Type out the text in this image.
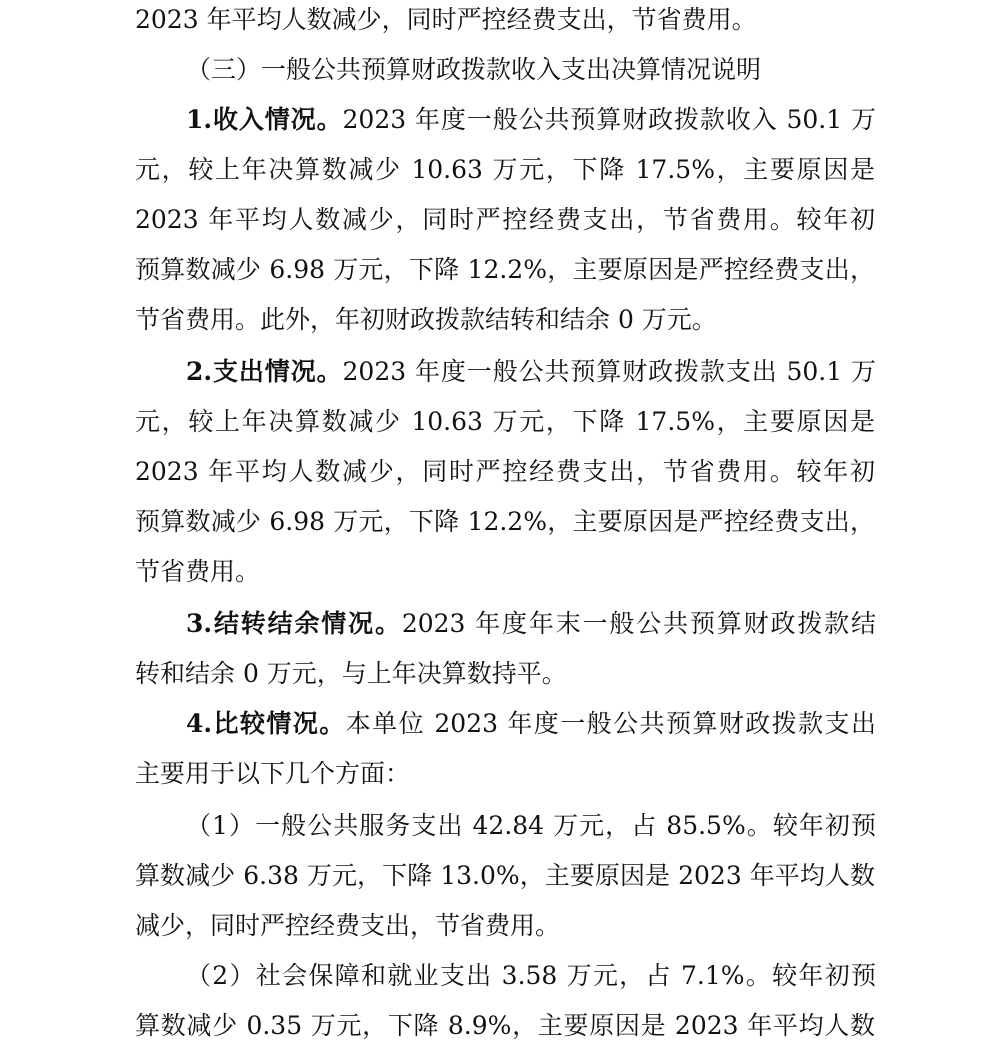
2023 年平均人数减少，同时严控经费支出，节省费用。
（三）一般公共预算财政拨款收入支出决算情况说明
1.收入情况。2023 年度一般公共预算财政拨款收入 50.1 万
元，较上年决算数减少 10.63 万元，下降 17.5%，主要原因是
2023 年平均人数减少，同时严控经费支出，节省费用。较年初
预算数减少 6.98 万元，下降 12.2%，主要原因是严控经费支出，
节省费用。此外，年初财政拨款结转和结余 0 万元。
2.支出情况。2023 年度一般公共预算财政拨款支出 50.1 万
元，较上年决算数减少 10.63 万元，下降 17.5%，主要原因是
2023 年平均人数减少，同时严控经费支出，节省费用。较年初
预算数减少 6.98 万元，下降 12.2%，主要原因是严控经费支出，
节省费用。
3.结转结余情况。2023 年度年末一般公共预算财政拨款结
转和结余 0 万元，与上年决算数持平。
4.比较情况。本单位 2023 年度一般公共预算财政拨款支出
主要用于以下几个方面：
（1）一般公共服务支出 42.84 万元，占 85.5%。较年初预
算数减少 6.38 万元，下降 13.0%，主要原因是 2023 年平均人数
减少，同时严控经费支出，节省费用。
（2）社会保障和就业支出 3.58 万元，占 7.1%。较年初预
算数减少 0.35 万元，下降 8.9%，主要原因是 2023 年平均人数
